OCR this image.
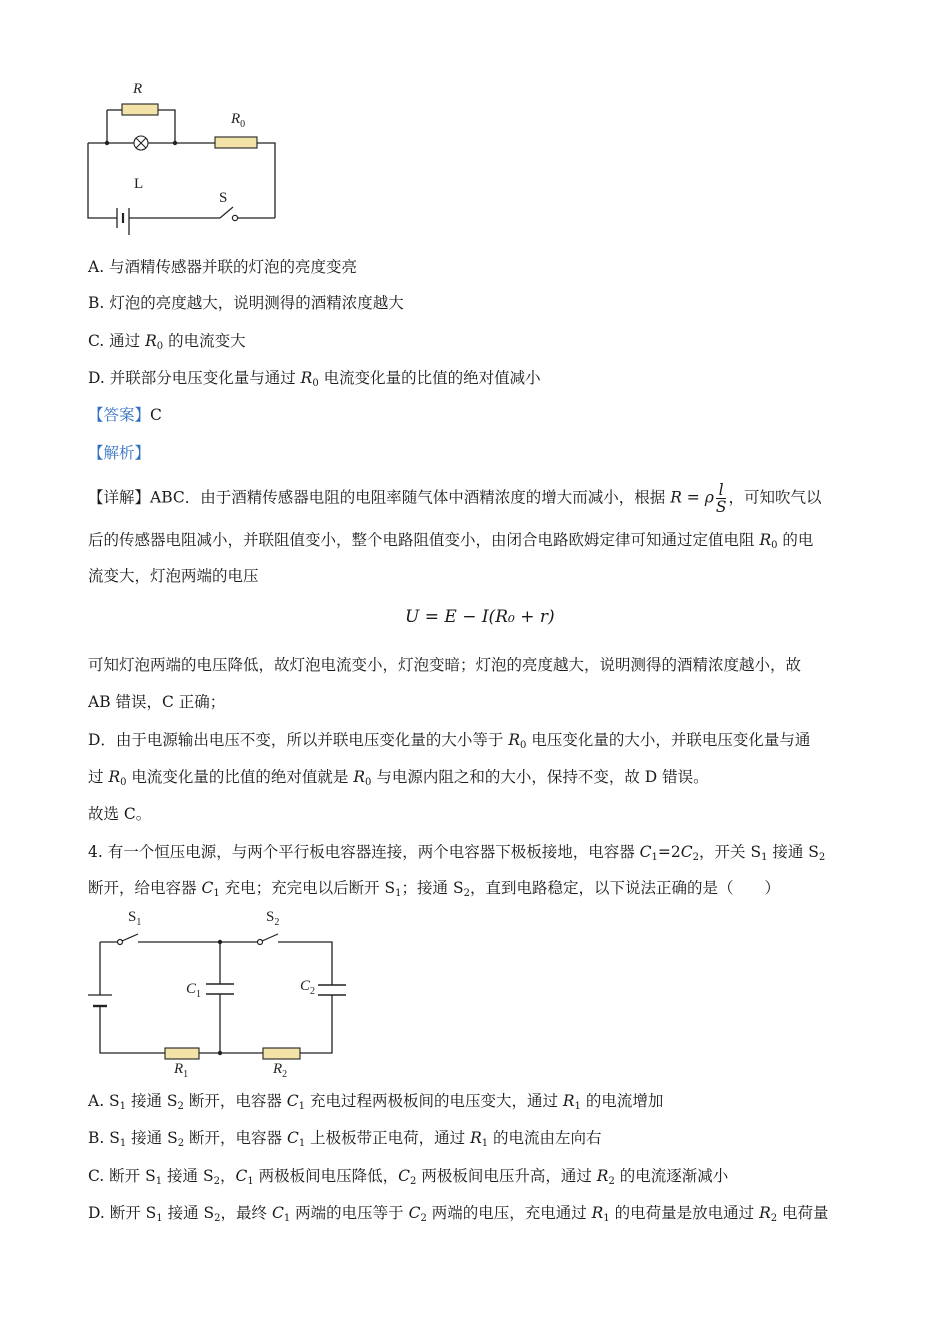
R
$R_0$
L
S
A. 与酒精传感器并联的灯泡的亮度变亮
B. 灯泡的亮度越大，说明测得的酒精浓度越大
C. 通过 $R_0$ 的电流变大
D. 并联部分电压变化量与通过 $R_0$ 电流变化量的比值的绝对值减小
【答案】C
【解析】
【详解】ABC．由于酒精传感器电阻的电阻率随气体中酒精浓度的增大而减小，根据 R = ρ $\frac{l}{S}$ ，可知吹气以
后的传感器电阻减小，并联阻值变小，整个电路阻值变小，由闭合电路欧姆定律可知通过定值电阻 $R_0$ 的电
流变大，灯泡两端的电压
U = E − I(R₀ + r)
可知灯泡两端的电压降低，故灯泡电流变小，灯泡变暗；灯泡的亮度越大，说明测得的酒精浓度越小，故
AB 错误，C 正确；
D．由于电源输出电压不变，所以并联电压变化量的大小等于 $R_0$ 电压变化量的大小，并联电压变化量与通
过 $R_0$ 电流变化量的比值的绝对值就是 $R_0$ 与电源内阻之和的大小，保持不变，故 D 错误。
故选 C。
4. 有一个恒压电源，与两个平行板电容器连接，两个电容器下极板接地，电容器 $C_1=2C_2$，开关 $S_1$ 接通 $S_2$
断开，给电容器 $C_1$ 充电；充完电以后断开 $S_1$；接通 $S_2$，直到电路稳定，以下说法正确的是（　　）
$S_1$	$S_2$
$C_1$
$C_2$
$R_1$	$R_2$
A. $S_1$ 接通 $S_2$ 断开，电容器 $C_1$ 充电过程两极板间的电压变大，通过 $R_1$ 的电流增加
B. $S_1$ 接通 $S_2$ 断开，电容器 $C_1$ 上极板带正电荷，通过 $R_1$ 的电流由左向右
C. 断开 $S_1$ 接通 $S_2$，$C_1$ 两极板间电压降低，$C_2$ 两极板间电压升高，通过 $R_2$ 的电流逐渐减小
D. 断开 $S_1$ 接通 $S_2$，最终 $C_1$ 两端的电压等于 $C_2$ 两端的电压，充电通过 $R_1$ 的电荷量是放电通过 $R_2$ 电荷量
